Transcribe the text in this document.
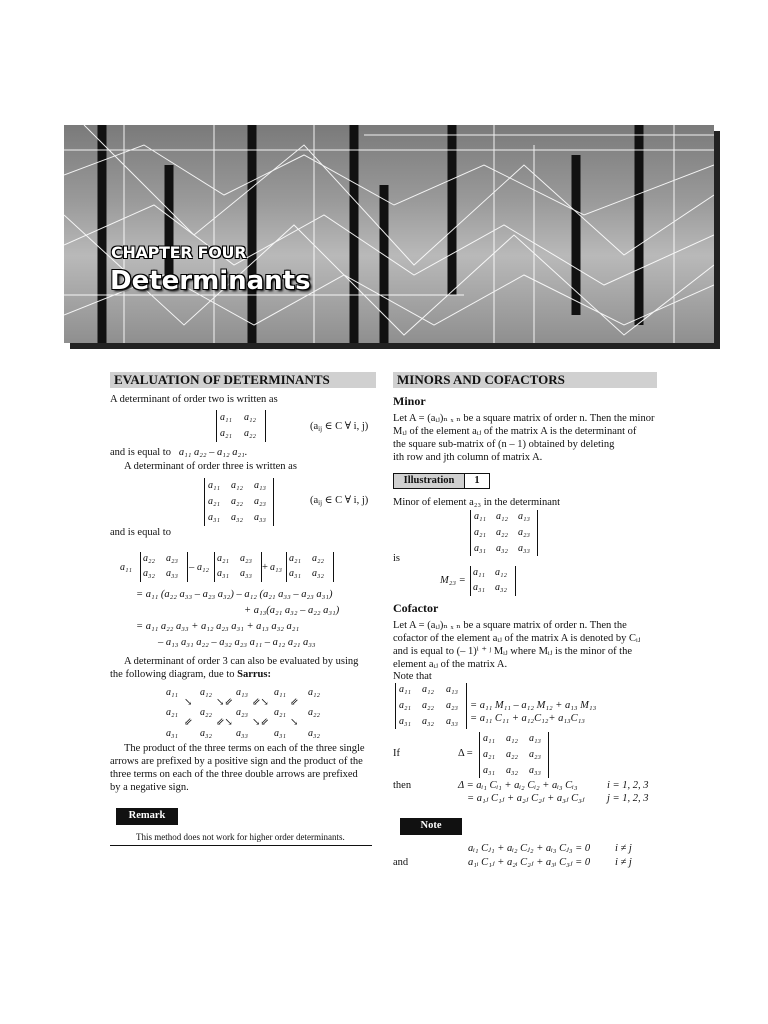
CHAPTER FOUR
Determinants
EVALUATION OF DETERMINANTS
A determinant of order two is written as
a₁₁ a₁₂
a₂₁ a₂₂
($a_{ij}$ ∈ C ∀ i, j)
and is equal to a₁₁ a₂₂ – a₁₂ a₂₁.
A determinant of order three is written as
a₁₁ a₁₂ a₁₃
a₂₁ a₂₂ a₂₃
a₃₁ a₃₂ a₃₃
($a_{ij}$ ∈ C ∀ i, j)
and is equal to
a₁₁
a₂₂ a₂₃
a₃₂ a₃₃
– a₁₂
a₂₁ a₂₃
a₃₁ a₃₃
+ a₁₃
a₂₁ a₂₂
a₃₁ a₃₂
= a₁₁ (a₂₂ a₃₃ – a₂₃ a₃₂) – a₁₂ (a₂₁ a₃₃ – a₂₃ a₃₁)
+ a₁₃(a₂₁ a₃₂ – a₂₂ a₃₁)
= a₁₁ a₂₂ a₃₃ + a₁₂ a₂₃ a₃₁ + a₁₃ a₃₂ a₂₁
– a₁₃ a₃₁ a₂₂ – a₃₂ a₂₃ a₁₁ – a₁₂ a₂₁ a₃₃
A determinant of order 3 can also be evaluated by using
the following diagram, due to Sarrus:
a₁₁ a₁₂ a₁₃	a₁₁ a₁₂
a₂₁ a₂₂ a₂₃	a₂₁ a₂₂
a₃₁ a₃₂ a₃₃	a₃₁ a₃₂
↘ ↘⇙ ⇙↘ ⇙
⇙ ⇙↘ ↘⇙ ↘
The product of the three terms on each of the three single
arrows are prefixed by a positive sign and the product of the
three terms on each of the three double arrows are prefixed
by a negative sign.
Remark
This method does not work for higher order determinants.
MINORS AND COFACTORS
Minor
Let A = (aᵢⱼ)ₙ ₓ ₙ be a square matrix of order n. Then the minor
Mᵢⱼ of the element aᵢⱼ of the matrix A is the determinant of
the square sub-matrix of (n – 1) obtained by deleting
ith row and jth column of matrix A.
Illustration	1
Minor of element a₂₃ in the determinant
a₁₁ a₁₂ a₁₃
a₂₁ a₂₂ a₂₃
a₃₁ a₃₂ a₃₃
is
M₂₃ =
a₁₁ a₁₂
a₃₁ a₃₂
Cofactor
Let A = (aᵢⱼ)ₙ ₓ ₙ be a square matrix of order n. Then the
cofactor of the element aᵢⱼ of the matrix A is denoted by Cᵢⱼ
and is equal to (– 1)ⁱ ⁺ ʲ Mᵢⱼ where Mᵢⱼ is the minor of the
element aᵢⱼ of the matrix A.
Note that
a₁₁ a₁₂ a₁₃
a₂₁ a₂₂ a₂₃
a₃₁ a₃₂ a₃₃
= a₁₁ M₁₁ – a₁₂ M₁₂ + a₁₃ M₁₃
= a₁₁ C₁₁ + a₁₂C₁₂+ a₁₃C₁₃
If	Δ =
a₁₁ a₁₂ a₁₃
a₂₁ a₂₂ a₂₃
a₃₁ a₃₂ a₃₃
then	Δ = aᵢ₁ Cᵢ₁ + aᵢ₂ Cᵢ₂ + aᵢ₃ Cᵢ₃	i = 1, 2, 3
= a₁ⱼ C₁ⱼ + a₂ⱼ C₂ⱼ + a₃ⱼ C₃ⱼ j = 1, 2, 3
Note
aᵢ₁ Cⱼ₁ + aᵢ₂ Cⱼ₂ + aᵢ₃ Cⱼ₃ = 0 i ≠ j
and	a₁ᵢ C₁ⱼ + a₂ᵢ C₂ⱼ + a₃ᵢ C₃ⱼ = 0 i ≠ j
